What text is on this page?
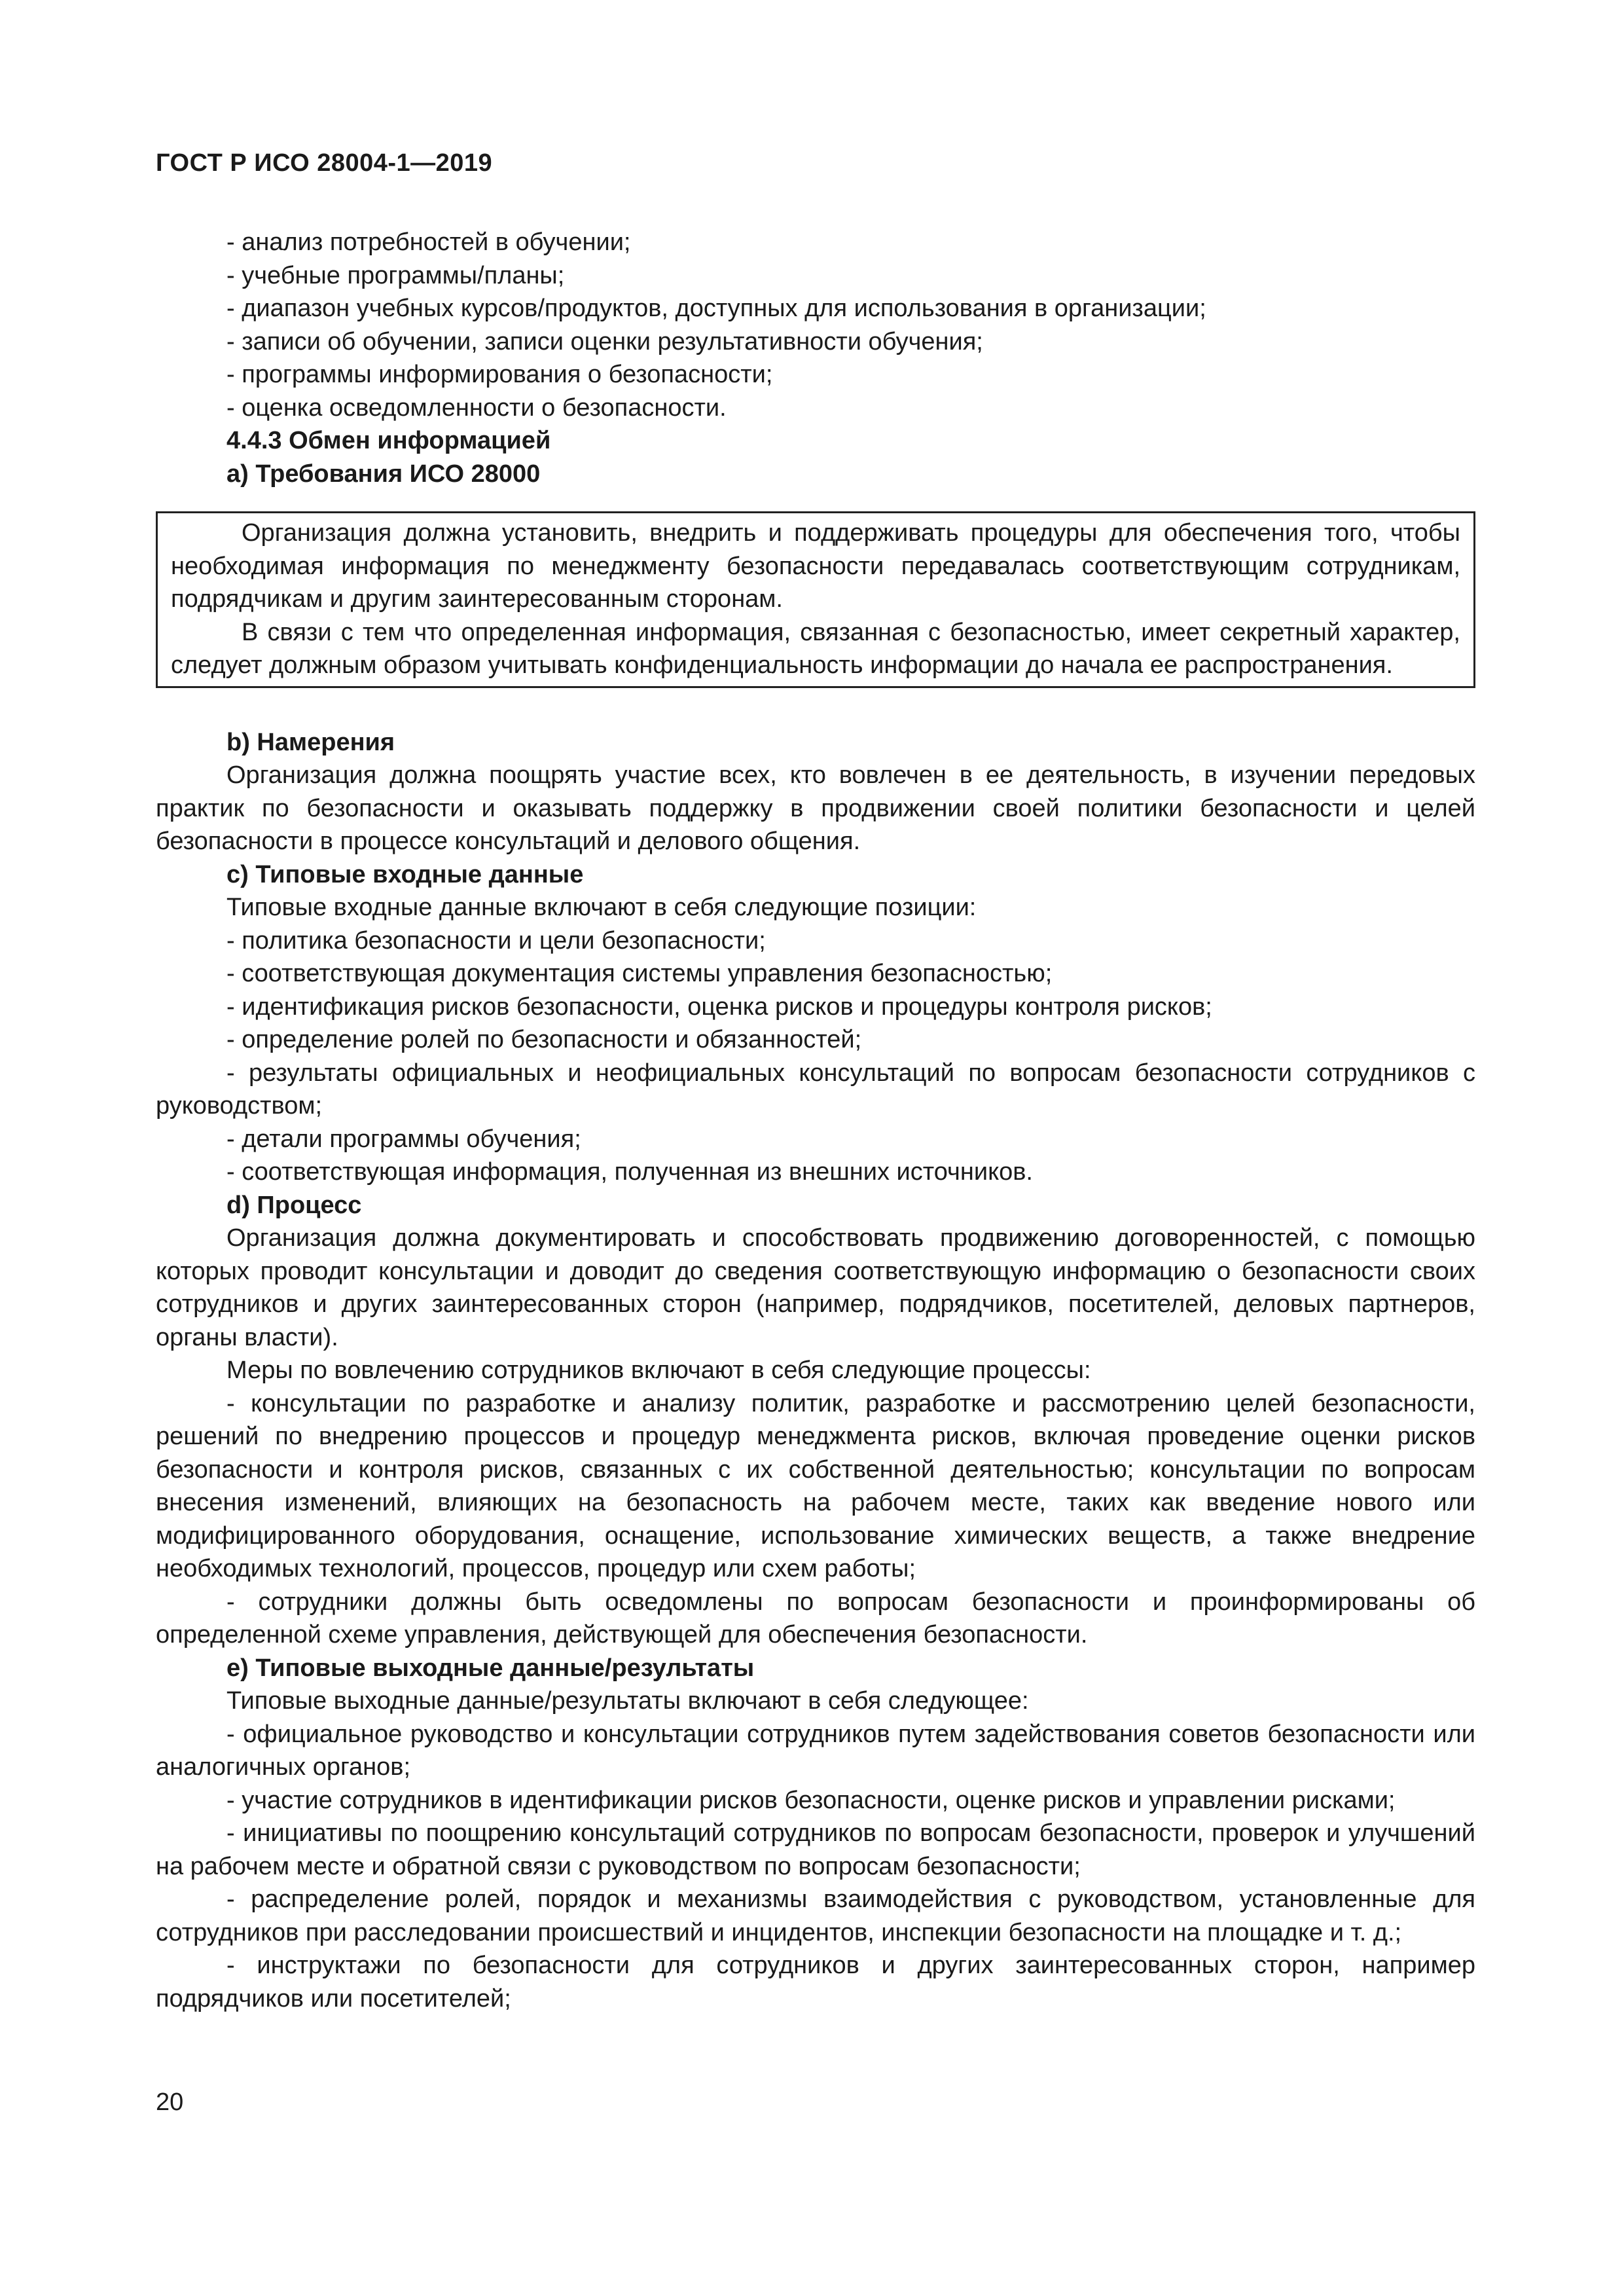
ГОСТ Р ИСО 28004-1—2019

- анализ потребностей в обучении;

- учебные программы/планы;

- диапазон учебных курсов/продуктов, доступных для использования в организации;

- записи об обучении, записи оценки результативности обучения;

- программы информирования о безопасности;

- оценка осведомленности о безопасности.

4.4.3 Обмен информацией

a) Требования ИСО 28000

Организация должна установить, внедрить и поддерживать процедуры для обеспечения того, чтобы необходимая информация по менеджменту безопасности передавалась соответствующим сотрудникам, подрядчикам и другим заинтересованным сторонам.

В связи с тем что определенная информация, связанная с безопасностью, имеет секретный характер, следует должным образом учитывать конфиденциальность информации до начала ее распространения.

b) Намерения

Организация должна поощрять участие всех, кто вовлечен в ее деятельность, в изучении передовых практик по безопасности и оказывать поддержку в продвижении своей политики безопасности и целей безопасности в процессе консультаций и делового общения.

c) Типовые входные данные

Типовые входные данные включают в себя следующие позиции:

- политика безопасности и цели безопасности;

- соответствующая документация системы управления безопасностью;

- идентификация рисков безопасности, оценка рисков и процедуры контроля рисков;

- определение ролей по безопасности и обязанностей;

- результаты официальных и неофициальных консультаций по вопросам безопасности сотрудников с руководством;

- детали программы обучения;

- соответствующая информация, полученная из внешних источников.

d) Процесс

Организация должна документировать и способствовать продвижению договоренностей, с помощью которых проводит консультации и доводит до сведения соответствующую информацию о безопасности своих сотрудников и других заинтересованных сторон (например, подрядчиков, посетителей, деловых партнеров, органы власти).

Меры по вовлечению сотрудников включают в себя следующие процессы:

- консультации по разработке и анализу политик, разработке и рассмотрению целей безопасности, решений по внедрению процессов и процедур менеджмента рисков, включая проведение оценки рисков безопасности и контроля рисков, связанных с их собственной деятельностью; консультации по вопросам внесения изменений, влияющих на безопасность на рабочем месте, таких как введение нового или модифицированного оборудования, оснащение, использование химических веществ, а также внедрение необходимых технологий, процессов, процедур или схем работы;

- сотрудники должны быть осведомлены по вопросам безопасности и проинформированы об определенной схеме управления, действующей для обеспечения безопасности.

e) Типовые выходные данные/результаты

Типовые выходные данные/результаты включают в себя следующее:

- официальное руководство и консультации сотрудников путем задействования советов безопасности или аналогичных органов;

- участие сотрудников в идентификации рисков безопасности, оценке рисков и управлении рисками;

- инициативы по поощрению консультаций сотрудников по вопросам безопасности, проверок и улучшений на рабочем месте и обратной связи с руководством по вопросам безопасности;

- распределение ролей, порядок и механизмы взаимодействия с руководством, установленные для сотрудников при расследовании происшествий и инцидентов, инспекции безопасности на площадке и т. д.;

- инструктажи по безопасности для сотрудников и других заинтересованных сторон, например подрядчиков или посетителей;

20
